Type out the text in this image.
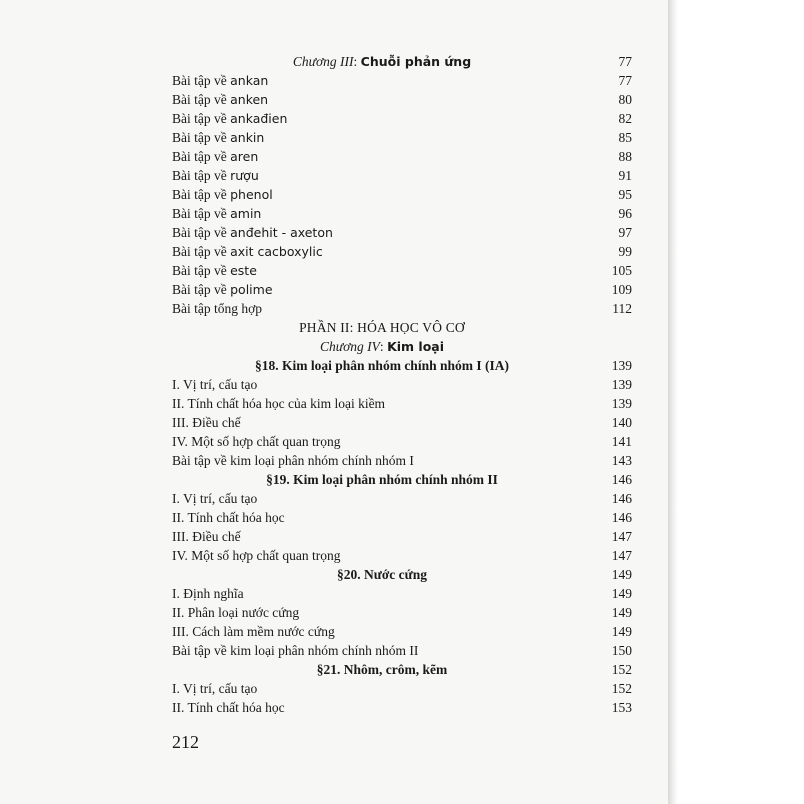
Chương III: Chuỗi phản ứng	77
Bài tập về ankan	77
Bài tập về anken	80
Bài tập về ankađien	82
Bài tập về ankin	85
Bài tập về aren	88
Bài tập về rượu	91
Bài tập về phenol	95
Bài tập về amin	96
Bài tập về anđehit - axeton	97
Bài tập về axit cacboxylic	99
Bài tập về este	105
Bài tập về polime	109
Bài tập tổng hợp	112
PHẦN II: HÓA HỌC VÔ CƠ
Chương IV: Kim loại
§18. Kim loại phân nhóm chính nhóm I (IA)	139
I. Vị trí, cấu tạo	139
II. Tính chất hóa học của kim loại kiềm	139
III. Điều chế	140
IV. Một số hợp chất quan trọng	141
Bài tập về kim loại phân nhóm chính nhóm I	143
§19. Kim loại phân nhóm chính nhóm II	146
I. Vị trí, cấu tạo	146
II. Tính chất hóa học	146
III. Điều chế	147
IV. Một số hợp chất quan trọng	147
§20. Nước cứng	149
I. Định nghĩa	149
II. Phân loại nước cứng	149
III. Cách làm mềm nước cứng	149
Bài tập về kim loại phân nhóm chính nhóm II	150
§21. Nhôm, crôm, kẽm	152
I. Vị trí, cấu tạo	152
II. Tính chất hóa học	153
212
